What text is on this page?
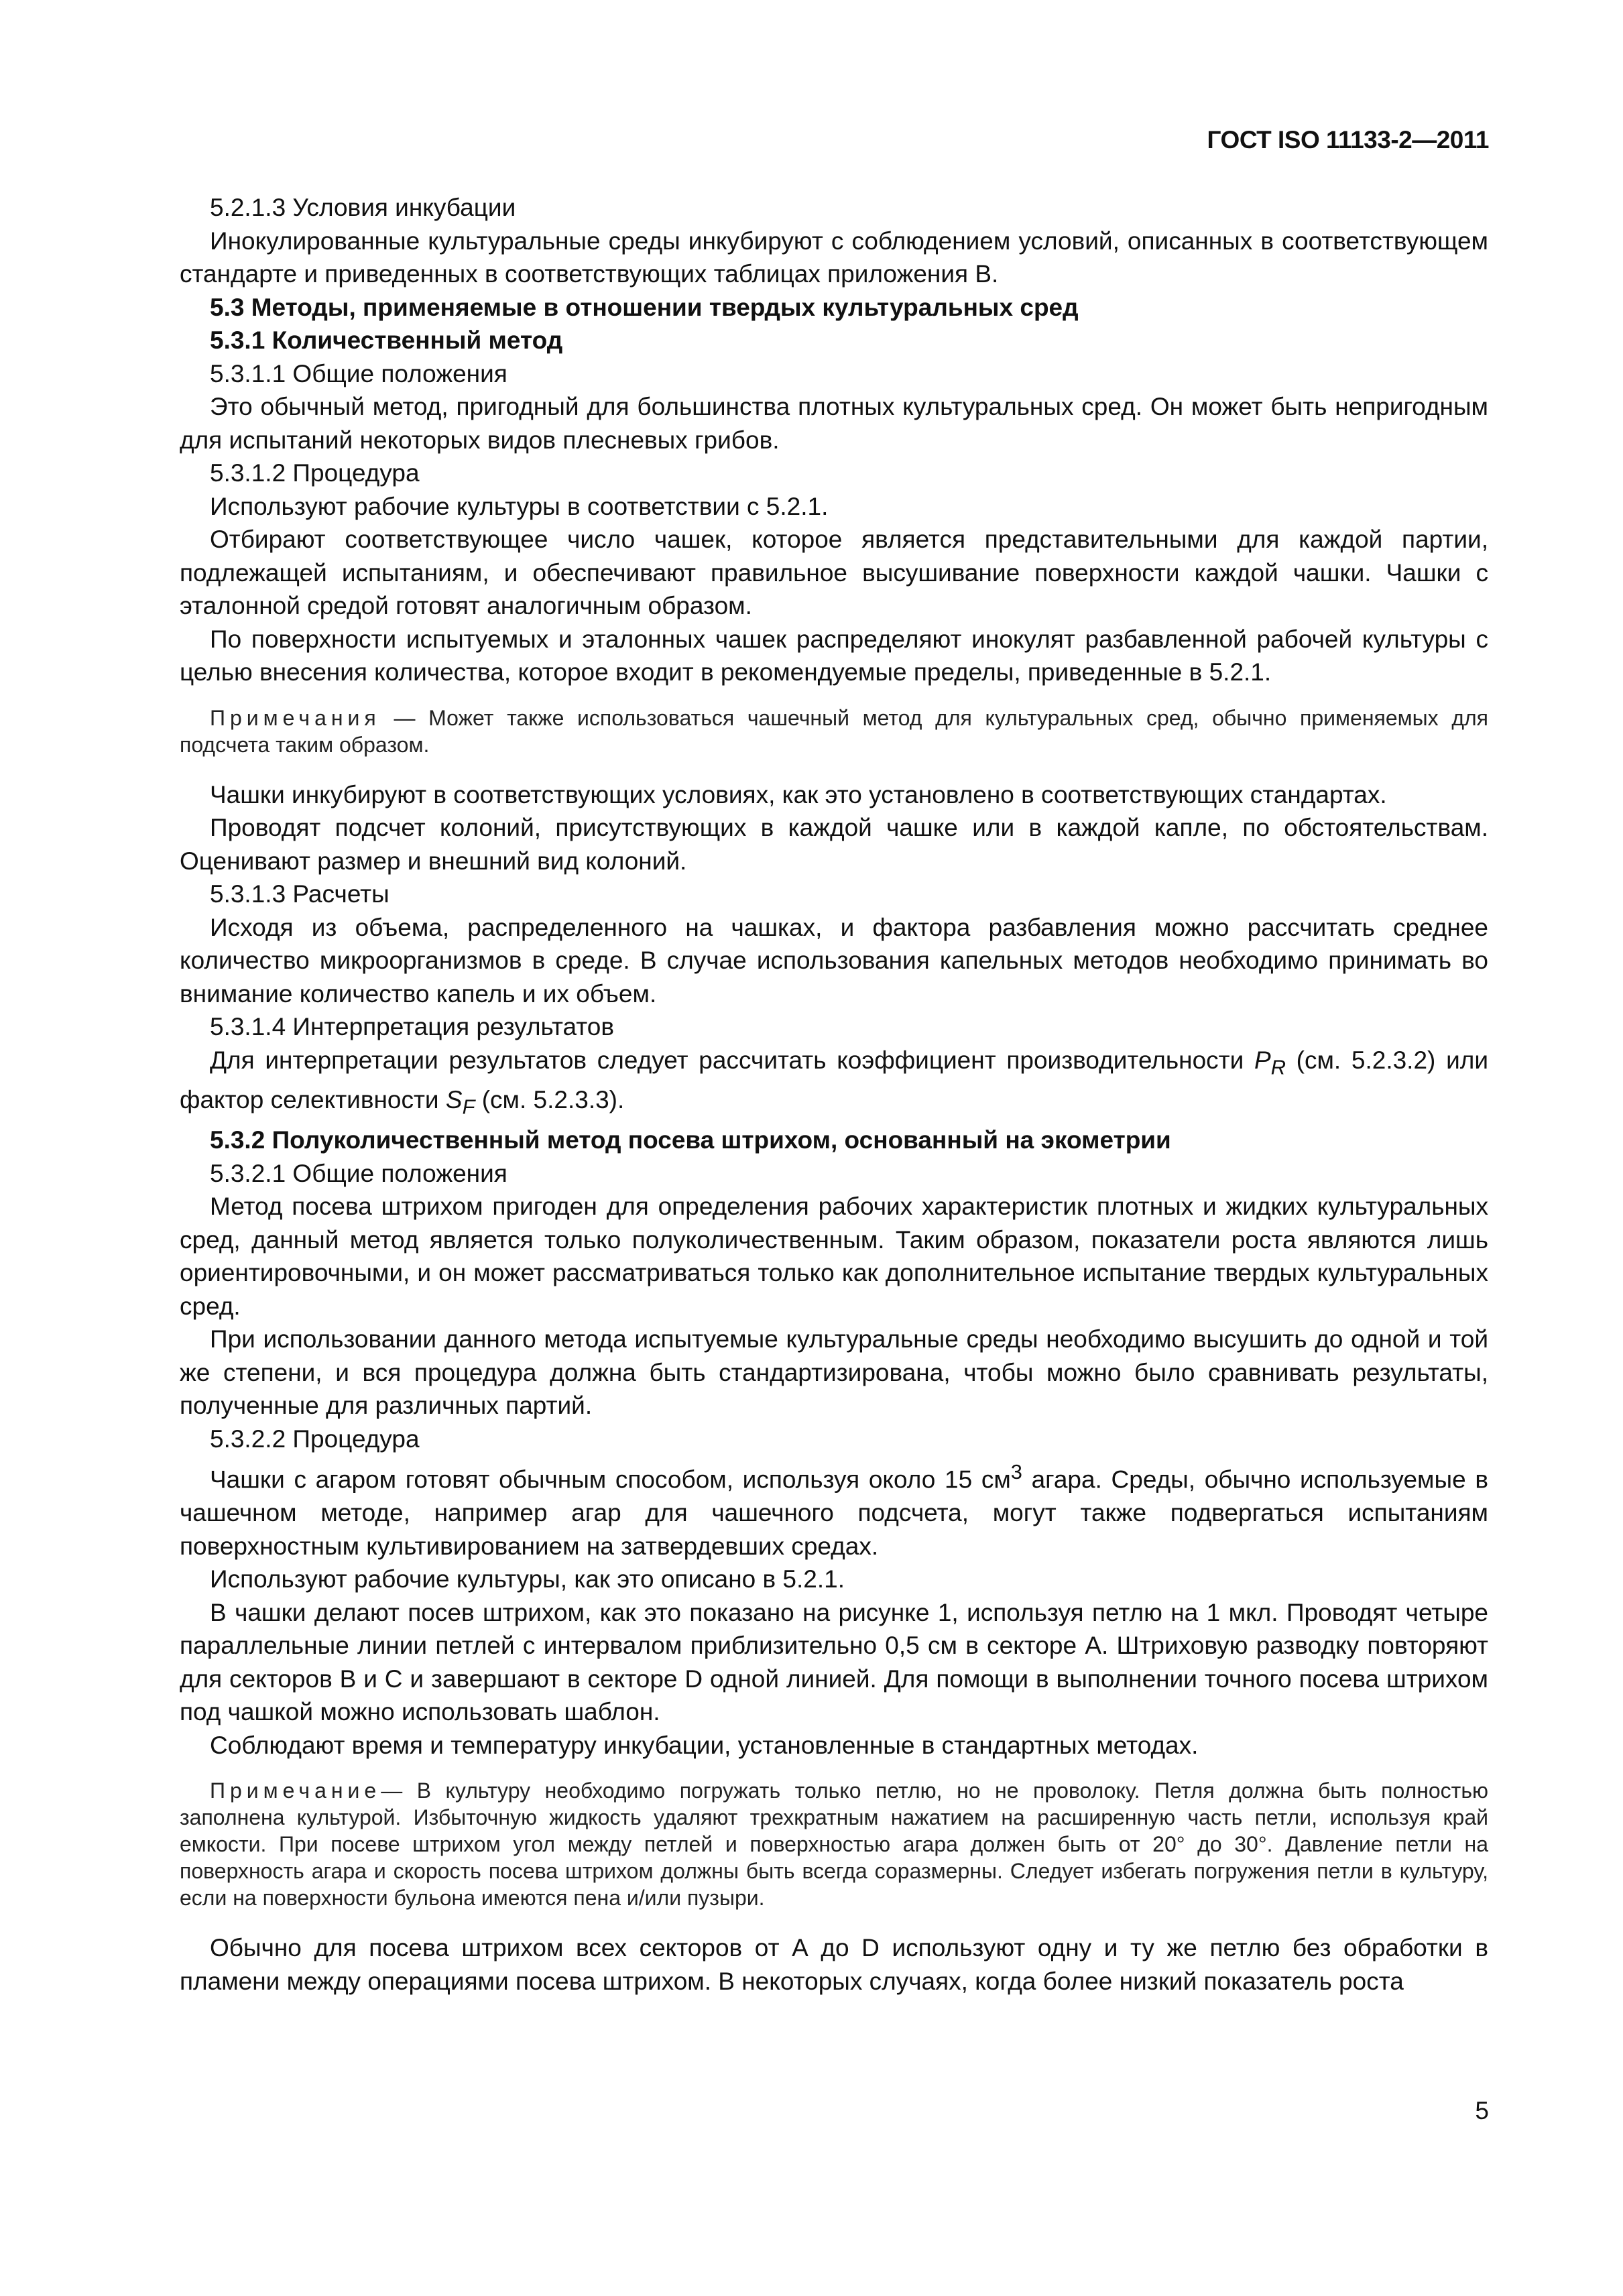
ГОСТ ISO 11133-2—2011

5.2.1.3 Условия инкубации

Инокулированные культуральные среды инкубируют с соблюдением условий, описанных в соответствующем стандарте и приведенных в соответствующих таблицах приложения В.

5.3 Методы, применяемые в отношении твердых культуральных сред

5.3.1 Количественный метод

5.3.1.1 Общие положения

Это обычный метод, пригодный для большинства плотных культуральных сред. Он может быть непригодным для испытаний некоторых видов плесневых грибов.

5.3.1.2 Процедура

Используют рабочие культуры в соответствии с 5.2.1.

Отбирают соответствующее число чашек, которое является представительными для каждой партии, подлежащей испытаниям, и обеспечивают правильное высушивание поверхности каждой чашки. Чашки с эталонной средой готовят аналогичным образом.

По поверхности испытуемых и эталонных чашек распределяют инокулят разбавленной рабочей культуры с целью внесения количества, которое входит в рекомендуемые пределы, приведенные в 5.2.1.

Примечания — Может также использоваться чашечный метод для культуральных сред, обычно применяемых для подсчета таким образом.

Чашки инкубируют в соответствующих условиях, как это установлено в соответствующих стандартах.

Проводят подсчет колоний, присутствующих в каждой чашке или в каждой капле, по обстоятельствам. Оценивают размер и внешний вид колоний.

5.3.1.3 Расчеты

Исходя из объема, распределенного на чашках, и фактора разбавления можно рассчитать среднее количество микроорганизмов в среде. В случае использования капельных методов необходимо принимать во внимание количество капель и их объем.

5.3.1.4 Интерпретация результатов

Для интерпретации результатов следует рассчитать коэффициент производительности $P_R$ (см. 5.2.3.2) или фактор селективности $S_F$ (см. 5.2.3.3).

5.3.2 Полуколичественный метод посева штрихом, основанный на экометрии

5.3.2.1 Общие положения

Метод посева штрихом пригоден для определения рабочих характеристик плотных и жидких культуральных сред, данный метод является только полуколичественным. Таким образом, показатели роста являются лишь ориентировочными, и он может рассматриваться только как дополнительное испытание твердых культуральных сред.

При использовании данного метода испытуемые культуральные среды необходимо высушить до одной и той же степени, и вся процедура должна быть стандартизирована, чтобы можно было сравнивать результаты, полученные для различных партий.

5.3.2.2 Процедура

Чашки с агаром готовят обычным способом, используя около 15 $см^3$ агара. Среды, обычно используемые в чашечном методе, например агар для чашечного подсчета, могут также подвергаться испытаниям поверхностным культивированием на затвердевших средах.

Используют рабочие культуры, как это описано в 5.2.1.

В чашки делают посев штрихом, как это показано на рисунке 1, используя петлю на 1 мкл. Проводят четыре параллельные линии петлей с интервалом приблизительно 0,5 см в секторе А. Штриховую разводку повторяют для секторов В и С и завершают в секторе D одной линией. Для помощи в выполнении точного посева штрихом под чашкой можно использовать шаблон.

Соблюдают время и температуру инкубации, установленные в стандартных методах.

Примечание— В культуру необходимо погружать только петлю, но не проволоку. Петля должна быть полностью заполнена культурой. Избыточную жидкость удаляют трехкратным нажатием на расширенную часть петли, используя край емкости. При посеве штрихом угол между петлей и поверхностью агара должен быть от 20° до 30°. Давление петли на поверхность агара и скорость посева штрихом должны быть всегда соразмерны. Следует избегать погружения петли в культуру, если на поверхности бульона имеются пена и/или пузыри.

Обычно для посева штрихом всех секторов от А до D используют одну и ту же петлю без обработки в пламени между операциями посева штрихом. В некоторых случаях, когда более низкий показатель роста

5
